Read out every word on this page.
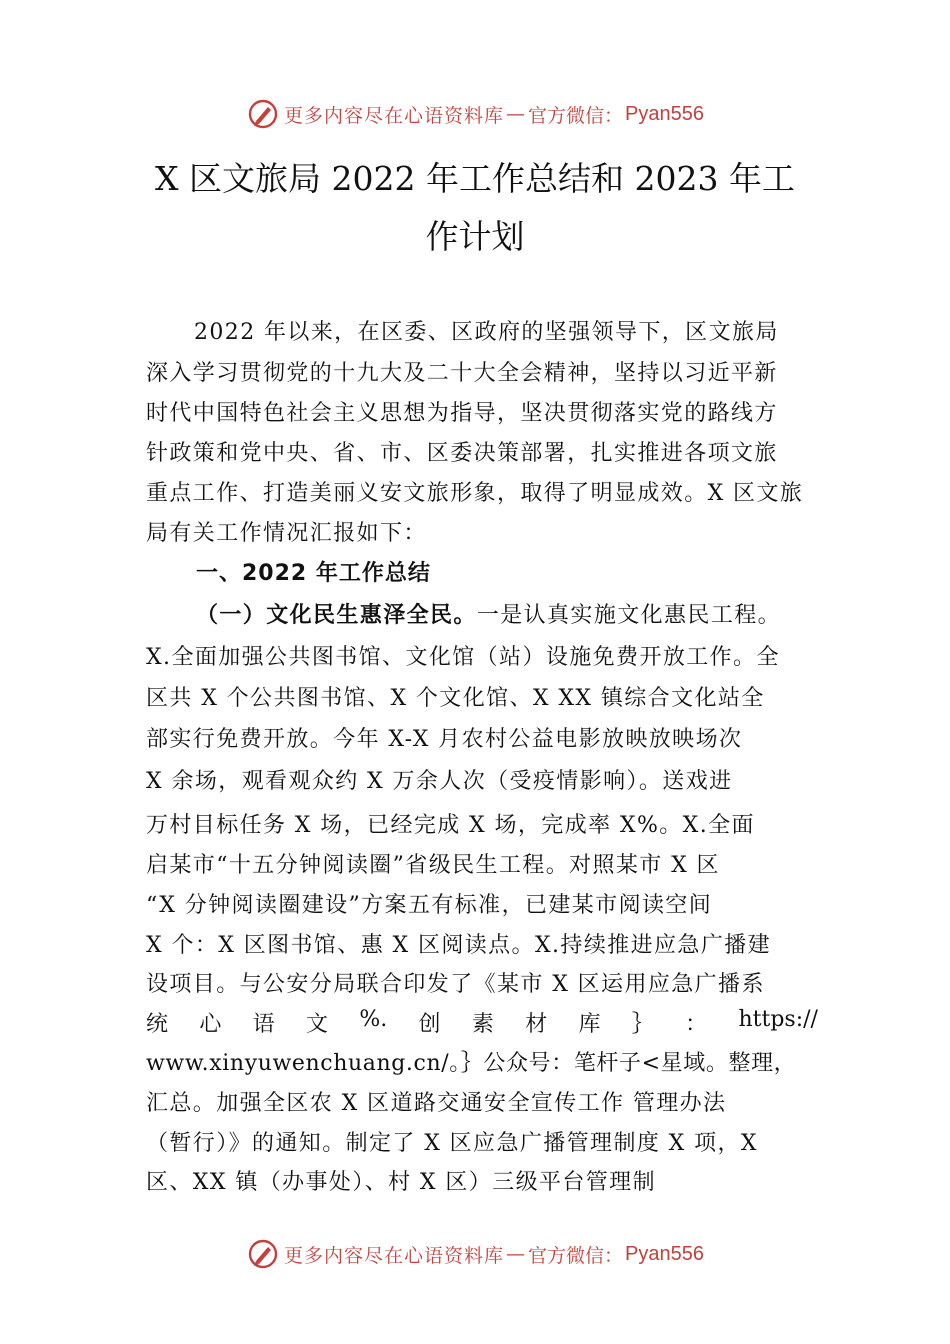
更多内容尽在心语资料库 — 官方微信： Pyan556
X 区文旅局 2022 年工作总结和 2023 年工
作计划
2022 年以来，在区委、区政府的坚强领导下，区文旅局
深入学习贯彻党的十九大及二十大全会精神，坚持以习近平新
时代中国特色社会主义思想为指导，坚决贯彻落实党的路线方
针政策和党中央、省、市、区委决策部署，扎实推进各项文旅
重点工作、打造美丽义安文旅形象，取得了明显成效。X 区文旅
局有关工作情况汇报如下：
一、2022 年工作总结
（一）文化民生惠泽全民。一是认真实施文化惠民工程。
X.全面加强公共图书馆、文化馆（站）设施免费开放工作。全
区共 X 个公共图书馆、X 个文化馆、X XX 镇综合文化站全
部实行免费开放。今年 X-X 月农村公益电影放映放映场次
X 余场，观看观众约 X 万余人次（受疫情影响）。送戏进
万村目标任务 X 场，已经完成 X 场，完成率 X%。X.全面
启某市“十五分钟阅读圈”省级民生工程。对照某市 X 区
“X 分钟阅读圈建设”方案五有标准，已建某市阅读空间
X 个：X 区图书馆、惠 X 区阅读点。X.持续推进应急广播建
设项目。与公安分局联合印发了《某市 X 区运用应急广播系
统 心 语 文 %. 创 素 材 库 ｝ ： https://
www.xinyuwenchuang.cn/。｝公众号：笔杆子<星域。整理，
汇总。加强全区农 X 区道路交通安全宣传工作 管理办法
（暂行）》的通知。制定了 X 区应急广播管理制度 X 项，X
区、XX 镇（办事处）、村 X 区）三级平台管理制
更多内容尽在心语资料库 — 官方微信： Pyan556
